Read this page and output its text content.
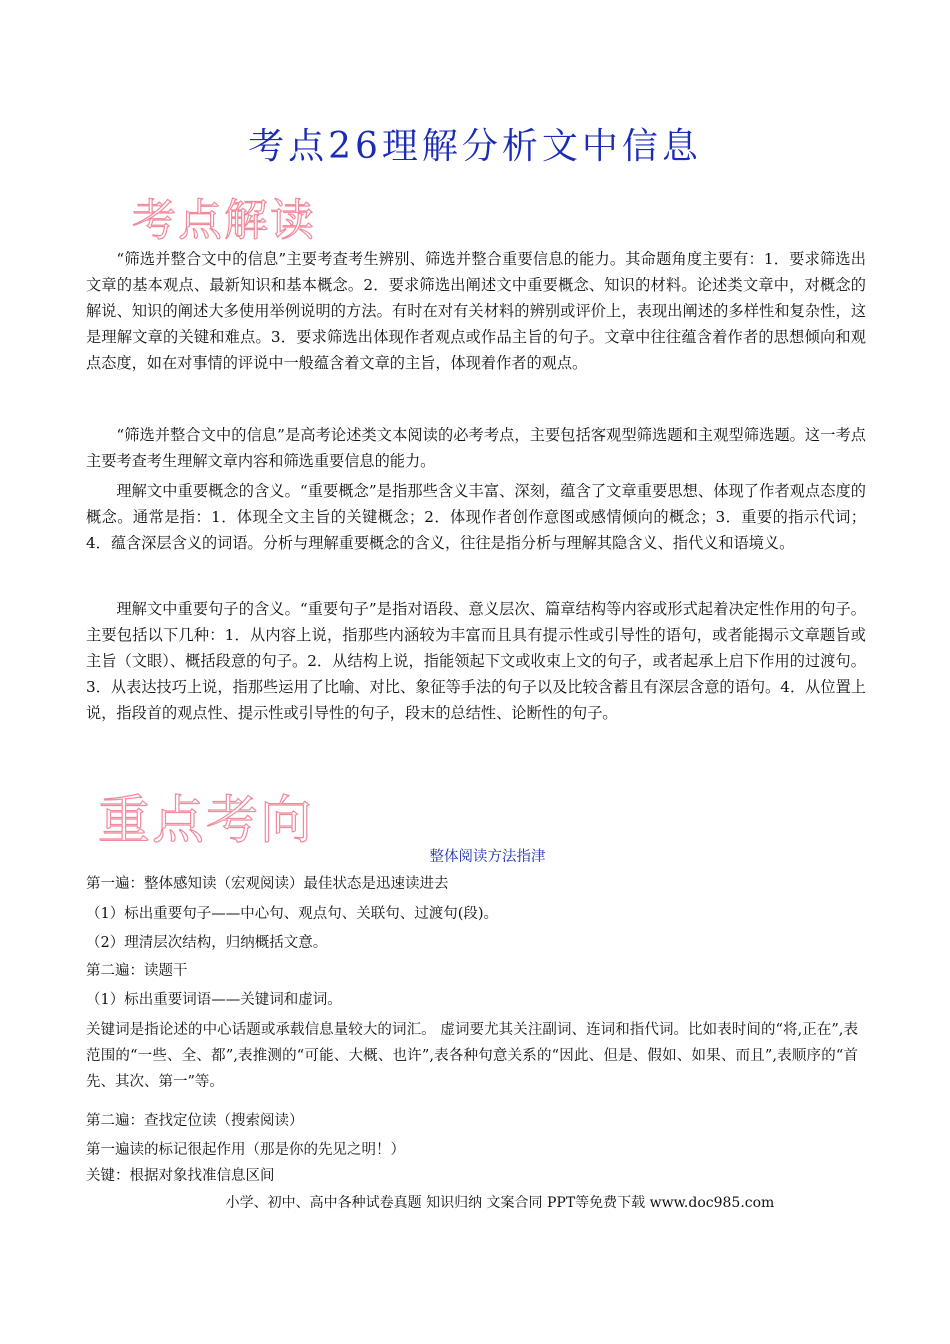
考点26理解分析文中信息
考点解读

“筛选并整合文中的信息”主要考查考生辨别、筛选并整合重要信息的能力。其命题角度主要有：1．要求筛选出文章的基本观点、最新知识和基本概念。2．要求筛选出阐述文中重要概念、知识的材料。论述类文章中，对概念的解说、知识的阐述大多使用举例说明的方法。有时在对有关材料的辨别或评价上，表现出阐述的多样性和复杂性，这是理解文章的关键和难点。3．要求筛选出体现作者观点或作品主旨的句子。文章中往往蕴含着作者的思想倾向和观点态度，如在对事情的评说中一般蕴含着文章的主旨，体现着作者的观点。

“筛选并整合文中的信息”是高考论述类文本阅读的必考考点，主要包括客观型筛选题和主观型筛选题。这一考点主要考查考生理解文章内容和筛选重要信息的能力。

理解文中重要概念的含义。“重要概念”是指那些含义丰富、深刻，蕴含了文章重要思想、体现了作者观点态度的概念。通常是指：1．体现全文主旨的关键概念；2．体现作者创作意图或感情倾向的概念；3．重要的指示代词；4．蕴含深层含义的词语。分析与理解重要概念的含义，往往是指分析与理解其隐含义、指代义和语境义。

理解文中重要句子的含义。“重要句子”是指对语段、意义层次、篇章结构等内容或形式起着决定性作用的句子。主要包括以下几种：1．从内容上说，指那些内涵较为丰富而且具有提示性或引导性的语句，或者能揭示文章题旨或主旨（文眼）、概括段意的句子。2．从结构上说，指能领起下文或收束上文的句子，或者起承上启下作用的过渡句。3．从表达技巧上说，指那些运用了比喻、对比、象征等手法的句子以及比较含蓄且有深层含意的语句。4．从位置上说，指段首的观点性、提示性或引导性的句子，段末的总结性、论断性的句子。

重点考向
整体阅读方法指津

第一遍：整体感知读（宏观阅读）最佳状态是迅速读进去

（1）标出重要句子——中心句、观点句、关联句、过渡句(段)。

（2）理清层次结构，归纳概括文意。

第二遍：读题干

（1）标出重要词语——关键词和虚词。

关键词是指论述的中心话题或承载信息量较大的词汇。 虚词要尤其关注副词、连词和指代词。比如表时间的“将,正在”,表范围的“一些、全、都”,表推测的“可能、大概、也许”,表各种句意关系的“因此、但是、假如、如果、而且”,表顺序的“首先、其次、第一”等。

第二遍：查找定位读（搜索阅读）

第一遍读的标记很起作用（那是你的先见之明！）

关键：根据对象找准信息区间

小学、初中、高中各种试卷真题 知识归纳 文案合同 PPT等免费下载 www.doc985.com
